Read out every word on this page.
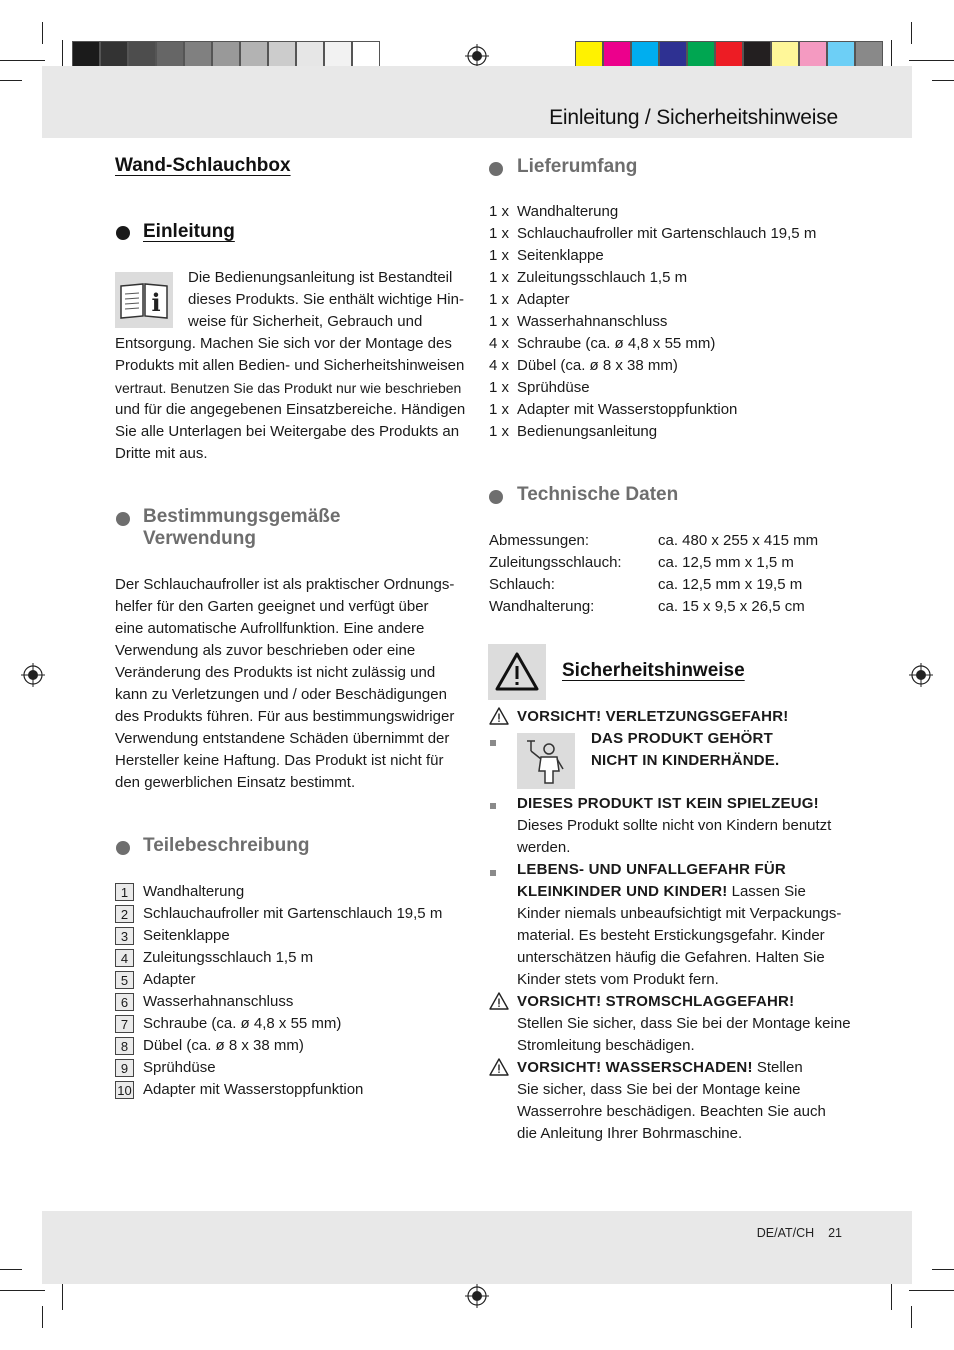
Einleitung / Sicherheitshinweise
DE/AT/CH 21
Wand-Schlauchbox
Einleitung
i
Die Bedienungsanleitung ist Bestandteil
dieses Produkts. Sie enthält wichtige Hin-
weise für Sicherheit, Gebrauch und
Entsorgung. Machen Sie sich vor der Montage des
Produkts mit allen Bedien- und Sicherheitshinweisen
vertraut. Benutzen Sie das Produkt nur wie beschrieben
und für die angegebenen Einsatzbereiche. Händigen
Sie alle Unterlagen bei Weitergabe des Produkts an
Dritte mit aus.
Bestimmungsgemäße
Verwendung
Der Schlauchaufroller ist als praktischer Ordnungs-
helfer für den Garten geeignet und verfügt über
eine automatische Aufrollfunktion. Eine andere
Verwendung als zuvor beschrieben oder eine
Veränderung des Produkts ist nicht zulässig und
kann zu Verletzungen und / oder Beschädigungen
des Produkts führen. Für aus bestimmungswidriger
Verwendung entstandene Schäden übernimmt der
Hersteller keine Haftung. Das Produkt ist nicht für
den gewerblichen Einsatz bestimmt.
Teilebeschreibung
1 Wandhalterung
2 Schlauchaufroller mit Gartenschlauch 19,5 m
3 Seitenklappe
4 Zuleitungsschlauch 1,5 m
5 Adapter
6 Wasserhahnanschluss
7 Schraube (ca. ø 4,8 x 55 mm)
8 Dübel (ca. ø 8 x 38 mm)
9 Sprühdüse
10 Adapter mit Wasserstoppfunktion
Lieferumfang
1 x Wandhalterung
1 x Schlauchaufroller mit Gartenschlauch 19,5 m
1 x Seitenklappe
1 x Zuleitungsschlauch 1,5 m
1 x Adapter
1 x Wasserhahnanschluss
4 x Schraube (ca. ø 4,8 x 55 mm)
4 x Dübel (ca. ø 8 x 38 mm)
1 x Sprühdüse
1 x Adapter mit Wasserstoppfunktion
1 x Bedienungsanleitung
Technische Daten
Abmessungen:	ca. 480 x 255 x 415 mm
Zuleitungsschlauch: ca. 12,5 mm x 1,5 m
Schlauch:	ca. 12,5 mm x 19,5 m
Wandhalterung:	ca. 15 x 9,5 x 26,5 cm
Sicherheitshinweise
VORSICHT! VERLETZUNGSGEFAHR!
DAS PRODUKT GEHÖRT
NICHT IN KINDERHÄNDE.
DIESES PRODUKT IST KEIN SPIELZEUG!
Dieses Produkt sollte nicht von Kindern benutzt
werden.
LEBENS- UND UNFALLGEFAHR FÜR
KLEINKINDER UND KINDER! Lassen Sie
Kinder niemals unbeaufsichtigt mit Verpackungs-
material. Es besteht Erstickungsgefahr. Kinder
unterschätzen häufig die Gefahren. Halten Sie
Kinder stets vom Produkt fern.
VORSICHT! STROMSCHLAGGEFAHR!
Stellen Sie sicher, dass Sie bei der Montage keine
Stromleitung beschädigen.
VORSICHT! WASSERSCHADEN! Stellen
Sie sicher, dass Sie bei der Montage keine
Wasserrohre beschädigen. Beachten Sie auch
die Anleitung Ihrer Bohrmaschine.
